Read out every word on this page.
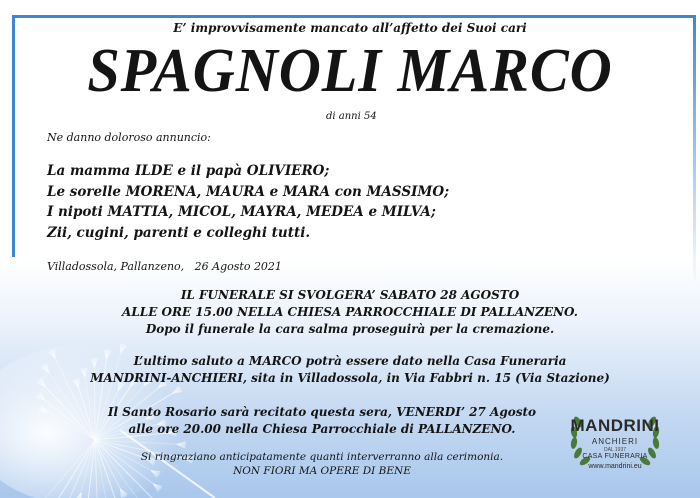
E’ improvvisamente mancato all’affetto dei Suoi cari
SPAGNOLI MARCO
di anni 54
Ne danno doloroso annuncio:
La mamma ILDE e il papà OLIVIERO;
Le sorelle MORENA, MAURA e MARA con MASSIMO;
I nipoti MATTIA, MICOL, MAYRA, MEDEA e MILVA;
Zii, cugini, parenti e colleghi tutti.
Villadossola, Pallanzeno,   26 Agosto 2021
IL FUNERALE SI SVOLGERA’ SABATO 28 AGOSTO
ALLE ORE 15.00 NELLA CHIESA PARROCCHIALE DI PALLANZENO.
Dopo il funerale la cara salma proseguirà per la cremazione.
L’ultimo saluto a MARCO potrà essere dato nella Casa Funeraria
MANDRINI-ANCHIERI, sita in Villadossola, in Via Fabbri n. 15 (Via Stazione)
Il Santo Rosario sarà recitato questa sera, VENERDI’ 27 Agosto
alle ore 20.00 nella Chiesa Parrocchiale di PALLANZENO.
Si ringraziano anticipatamente quanti interverranno alla cerimonia.
NON FIORI MA OPERE DI BENE
MANDRINI
ANCHIERI
DAL 1937
CASA FUNERARIA
www.mandrini.eu
